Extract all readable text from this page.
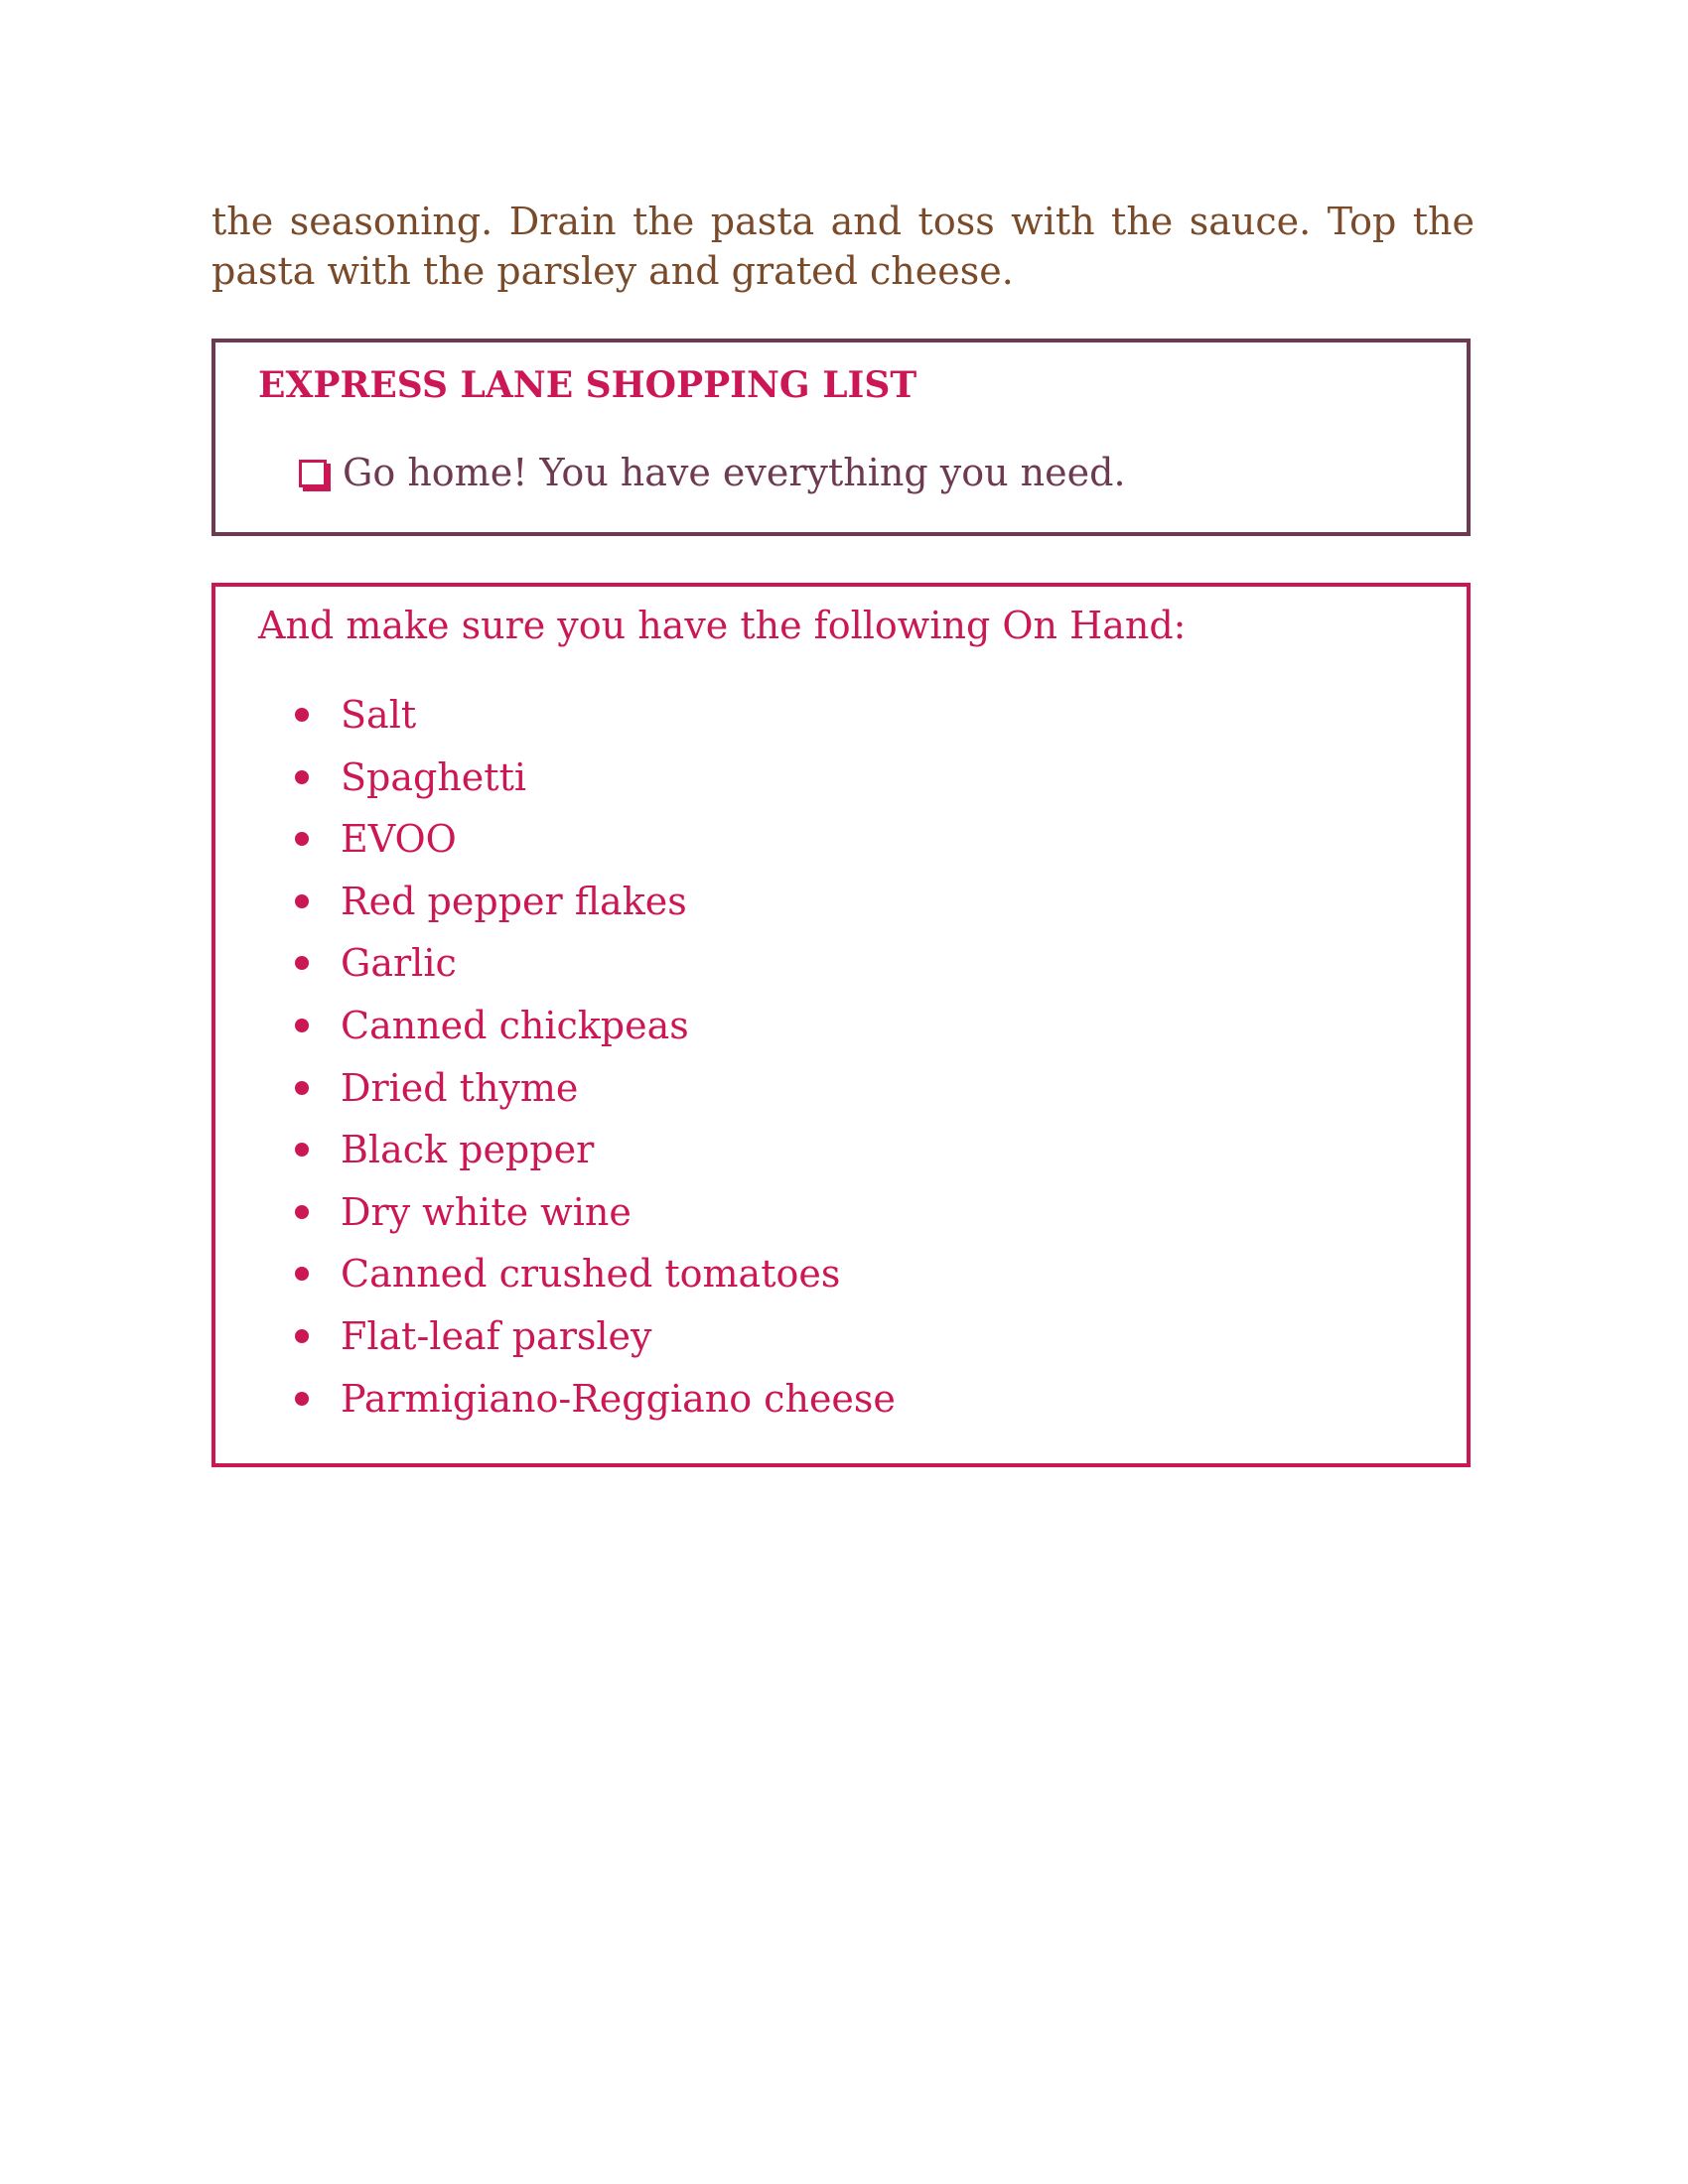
the seasoning. Drain the pasta and toss with the sauce. Top the pasta with the parsley and grated cheese.

EXPRESS LANE SHOPPING LIST
Go home! You have everything you need.

And make sure you have the following On Hand:

Salt
Spaghetti
EVOO
Red pepper flakes
Garlic
Canned chickpeas
Dried thyme
Black pepper
Dry white wine
Canned crushed tomatoes
Flat-leaf parsley
Parmigiano-Reggiano cheese
